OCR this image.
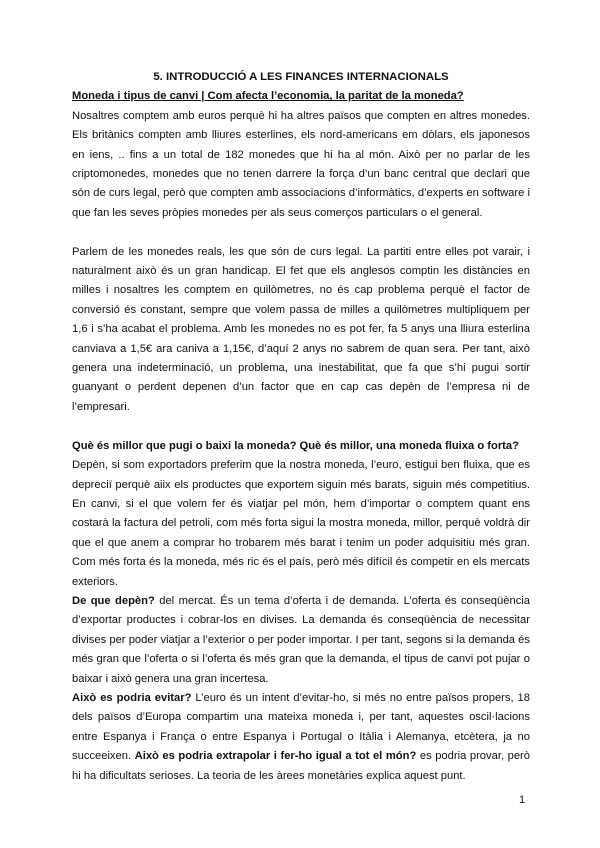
5. INTRODUCCIÓ A LES FINANCES INTERNACIONALS

Moneda i tipus de canvi | Com afecta l’economia, la paritat de la moneda?

Nosaltres comptem amb euros perquè hi ha altres països que compten en altres monedes. Els britànics compten amb lliures esterlines, els nord-americans em dòlars, els japonesos en iens, .. fins a un total de 182 monedes que hi ha al món. Això per no parlar de les criptomonedes, monedes que no tenen darrere la força d’un banc central que declari que són de curs legal, però que compten amb associacions d’informàtics, d’experts en software i que fan les seves pròpies monedes per als seus comerços particulars o el general.

Parlem de les monedes reals, les que són de curs legal. La partiti entre elles pot varair, i naturalment això és un gran handicap. El fet que els anglesos comptin les distàncies en milles i nosaltres les comptem en quilòmetres, no és cap problema perquè el factor de conversió és constant, sempre que volem passa de milles a quilòmetres multipliquem per 1,6 i s’ha acabat el problema. Amb les monedes no es pot fer, fa 5 anys una lliura esterlina canviava a 1,5€ ara caniva a 1,15€, d’aquí 2 anys no sabrem de quan sera. Per tant, això genera una indeterminació, un problema, una inestabilitat, que fa que s’hi pugui sortir guanyant o perdent depenen d’un factor que en cap cas depèn de l’empresa ni de l’empresari.

Què és millor que pugi o baixi la moneda? Què és millor, una moneda fluixa o forta?

Depèn, si som exportadors preferim que la nostra moneda, l’euro, estigui ben fluixa, que es depreciï perquè aiix els productes que exportem siguin més barats, siguin més competitius. En canvi, si el que volem fer és viatjar pel món, hem d’importar o comptem quant ens costarà la factura del petroli, com més forta sigui la mostra moneda, millor, perquè voldrà dir que el que anem a comprar ho trobarem més barat i tenim un poder adquisitiu més gran. Com més forta és la moneda, més ric és el país, però més difícil és competir en els mercats exteriors.

De que depèn? del mercat. És un tema d’oferta i de demanda. L’oferta és conseqüència d’exportar productes i cobrar-los en divises. La demanda és conseqüència de necessitar divises per poder viatjar a l’exterior o per poder importar. I per tant, segons si la demanda és més gran que l’oferta o si l’oferta és més gran que la demanda, el tipus de canvi pot pujar o baixar i això genera una gran incertesa.

Això es podria evitar? L’euro és un intent d’evitar-ho, si més no entre països propers, 18 dels països d’Europa compartim una mateixa moneda i, per tant, aquestes oscil·lacions entre Espanya i França o entre Espanya i Portugal o Itàlia i Alemanya, etcètera, ja no succeeixen. Això es podria extrapolar i fer-ho igual a tot el món? es podria provar, però hi ha dificultats serioses. La teoria de les àrees monetàries explica aquest punt.

1
